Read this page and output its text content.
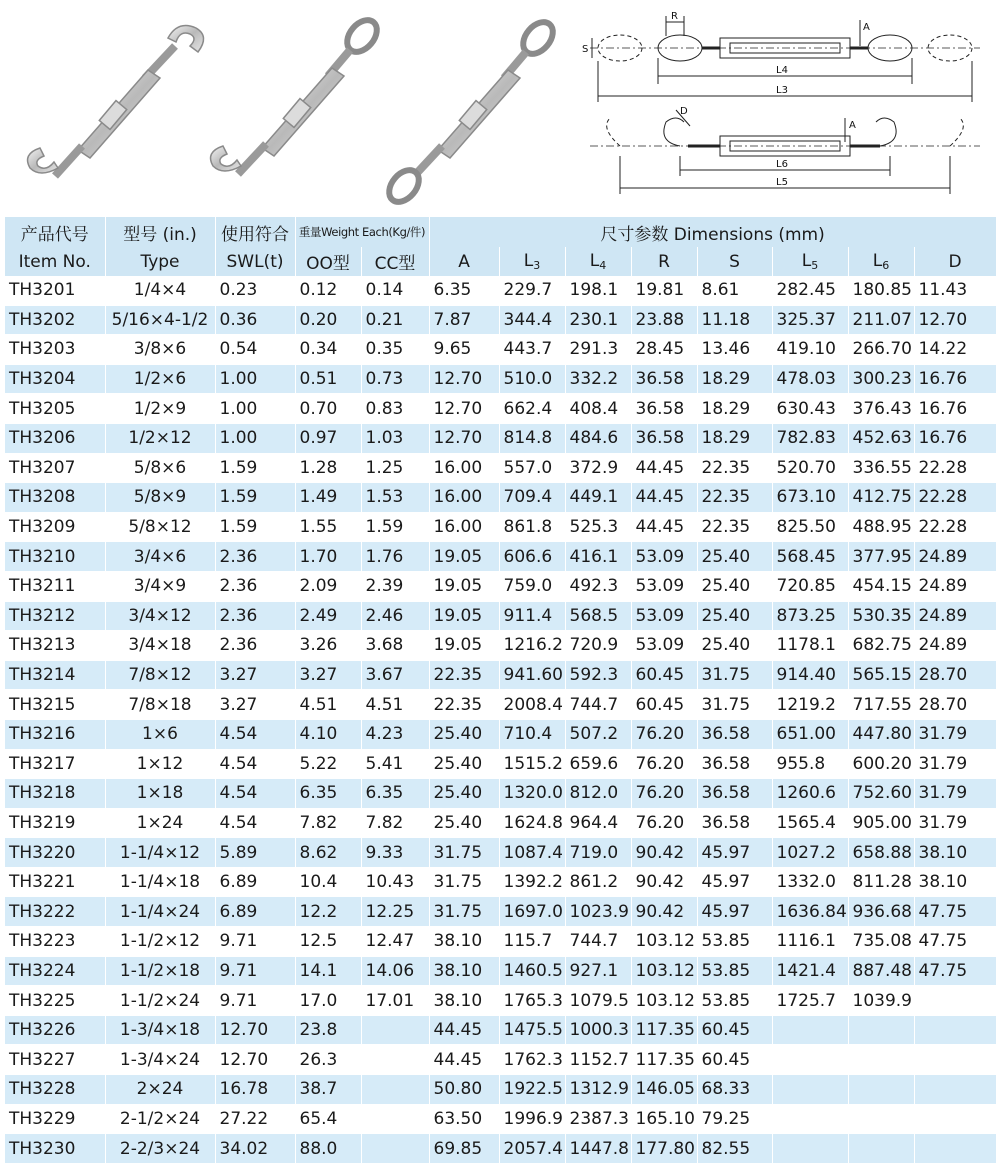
R
A
S
L4
L3
D
A
L6
L5
产品代号	型号 (in.)	使用符合	重量Weight Each(Kg/件)		尺寸参数 Dimensions (mm)							
Item No.	Type	SWL(t)	OO型	CC型	A	$L_3$	$L_4$	R	S	$L_5$	$L_6$	D
TH3201	1/4×4	0.23	0.12	0.14	6.35	229.7	198.1	19.81	8.61	282.45	180.85	11.43
TH3202	5/16×4-1/2	0.36	0.20	0.21	7.87	344.4	230.1	23.88	11.18	325.37	211.07	12.70
TH3203	3/8×6	0.54	0.34	0.35	9.65	443.7	291.3	28.45	13.46	419.10	266.70	14.22
TH3204	1/2×6	1.00	0.51	0.73	12.70	510.0	332.2	36.58	18.29	478.03	300.23	16.76
TH3205	1/2×9	1.00	0.70	0.83	12.70	662.4	408.4	36.58	18.29	630.43	376.43	16.76
TH3206	1/2×12	1.00	0.97	1.03	12.70	814.8	484.6	36.58	18.29	782.83	452.63	16.76
TH3207	5/8×6	1.59	1.28	1.25	16.00	557.0	372.9	44.45	22.35	520.70	336.55	22.28
TH3208	5/8×9	1.59	1.49	1.53	16.00	709.4	449.1	44.45	22.35	673.10	412.75	22.28
TH3209	5/8×12	1.59	1.55	1.59	16.00	861.8	525.3	44.45	22.35	825.50	488.95	22.28
TH3210	3/4×6	2.36	1.70	1.76	19.05	606.6	416.1	53.09	25.40	568.45	377.95	24.89
TH3211	3/4×9	2.36	2.09	2.39	19.05	759.0	492.3	53.09	25.40	720.85	454.15	24.89
TH3212	3/4×12	2.36	2.49	2.46	19.05	911.4	568.5	53.09	25.40	873.25	530.35	24.89
TH3213	3/4×18	2.36	3.26	3.68	19.05	1216.2	720.9	53.09	25.40	1178.1	682.75	24.89
TH3214	7/8×12	3.27	3.27	3.67	22.35	941.60	592.3	60.45	31.75	914.40	565.15	28.70
TH3215	7/8×18	3.27	4.51	4.51	22.35	2008.4	744.7	60.45	31.75	1219.2	717.55	28.70
TH3216	1×6	4.54	4.10	4.23	25.40	710.4	507.2	76.20	36.58	651.00	447.80	31.79
TH3217	1×12	4.54	5.22	5.41	25.40	1515.2	659.6	76.20	36.58	955.8	600.20	31.79
TH3218	1×18	4.54	6.35	6.35	25.40	1320.0	812.0	76.20	36.58	1260.6	752.60	31.79
TH3219	1×24	4.54	7.82	7.82	25.40	1624.8	964.4	76.20	36.58	1565.4	905.00	31.79
TH3220	1-1/4×12	5.89	8.62	9.33	31.75	1087.4	719.0	90.42	45.97	1027.2	658.88	38.10
TH3221	1-1/4×18	6.89	10.4	10.43	31.75	1392.2	861.2	90.42	45.97	1332.0	811.28	38.10
TH3222	1-1/4×24	6.89	12.2	12.25	31.75	1697.0	1023.9	90.42	45.97	1636.84	936.68	47.75
TH3223	1-1/2×12	9.71	12.5	12.47	38.10	115.7	744.7	103.12	53.85	1116.1	735.08	47.75
TH3224	1-1/2×18	9.71	14.1	14.06	38.10	1460.5	927.1	103.12	53.85	1421.4	887.48	47.75
TH3225	1-1/2×24	9.71	17.0	17.01	38.10	1765.3	1079.5	103.12	53.85	1725.7	1039.9	
TH3226	1-3/4×18	12.70	23.8		44.45	1475.5	1000.3	117.35	60.45			
TH3227	1-3/4×24	12.70	26.3		44.45	1762.3	1152.7	117.35	60.45			
TH3228	2×24	16.78	38.7		50.80	1922.5	1312.9	146.05	68.33			
TH3229	2-1/2×24	27.22	65.4		63.50	1996.9	2387.3	165.10	79.25			
TH3230	2-2/3×24	34.02	88.0		69.85	2057.4	1447.8	177.80	82.55			
